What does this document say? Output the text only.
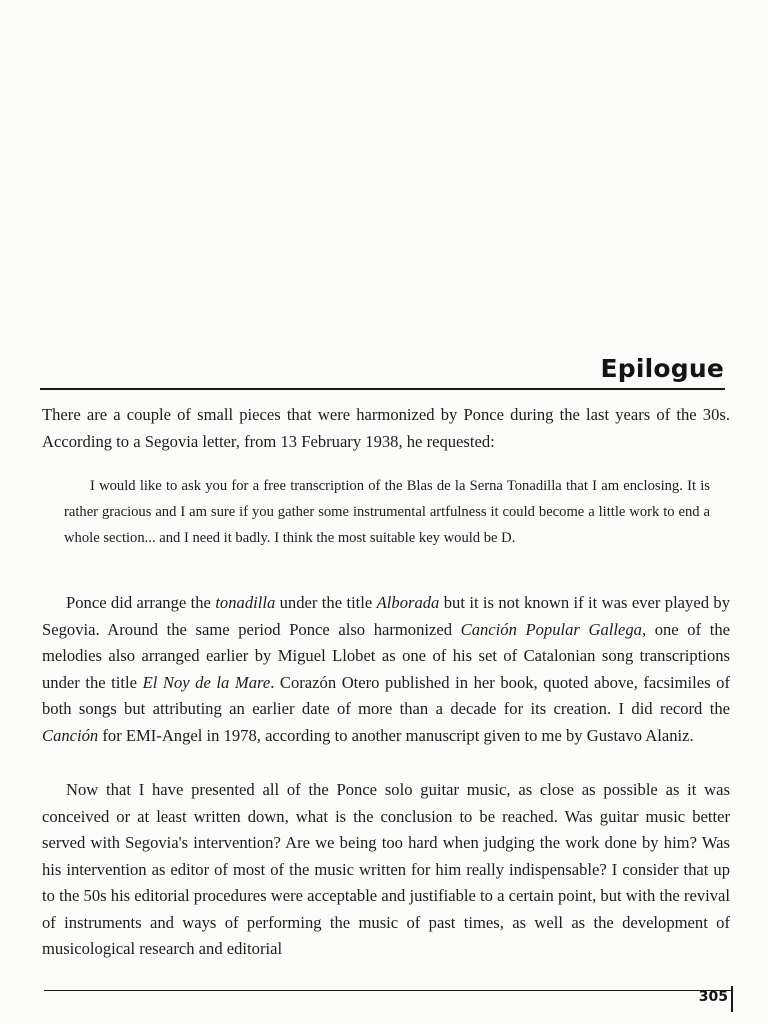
Epilogue

There are a couple of small pieces that were harmonized by Ponce during the last years of the 30s. According to a Segovia letter, from 13 February 1938, he requested:

I would like to ask you for a free transcription of the Blas de la Serna Tonadilla that I am enclosing. It is rather gracious and I am sure if you gather some instrumental artfulness it could become a little work to end a whole section... and I need it badly. I think the most suitable key would be D.

Ponce did arrange the tonadilla under the title Alborada but it is not known if it was ever played by Segovia. Around the same period Ponce also harmonized Canción Popular Gallega, one of the melodies also arranged earlier by Miguel Llobet as one of his set of Catalonian song transcriptions under the title El Noy de la Mare. Corazón Otero published in her book, quoted above, facsimiles of both songs but attributing an earlier date of more than a decade for its creation. I did record the Canción for EMI-Angel in 1978, according to another manuscript given to me by Gustavo Alaniz.

Now that I have presented all of the Ponce solo guitar music, as close as possible as it was conceived or at least written down, what is the conclusion to be reached. Was guitar music better served with Segovia's intervention? Are we being too hard when judging the work done by him? Was his intervention as editor of most of the music written for him really indispensable? I consider that up to the 50s his editorial procedures were acceptable and justifiable to a certain point, but with the revival of instruments and ways of performing the music of past times, as well as the development of musicological research and editorial

305
